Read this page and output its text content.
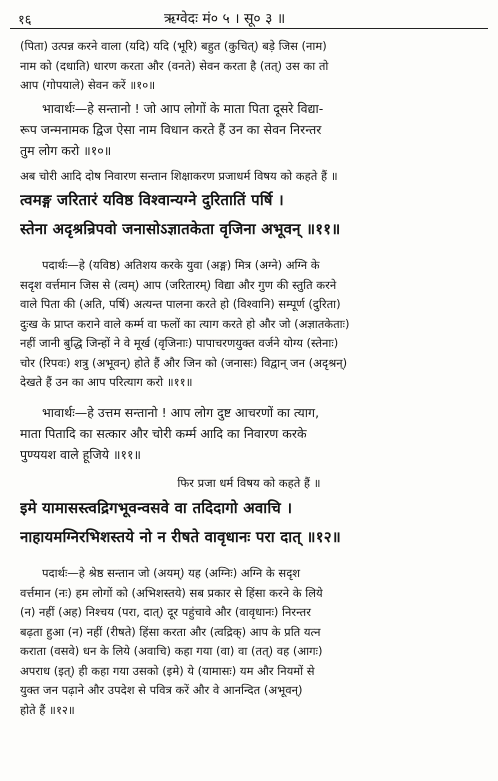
१६	ऋग्वेदः मं० ५ । सू० ३ ॥
(पिता) उत्पन्न करने वाला (यदि) यदि (भूरि) बहुत (कुचित्) बड़े जिस (नाम)
नाम को (दधाति) धारण करता और (वनते) सेवन करता है (तत्) उस का तो
आप (गोपयाले) सेवन करें ॥१०॥
भावार्थः—हे सन्तानो ! जो आप लोगों के माता पिता दूसरे विद्या-
रूप जन्मनामक द्विज ऐसा नाम विधान करते हैं उन का सेवन निरन्तर
तुम लोग करो ॥१०॥
अब चोरी आदि दोष निवारण सन्तान शिक्षाकरण प्रजाधर्म विषय को कहते हैं ॥
त्वमङ्ग जरितारं यविष्ठ विश्वान्यग्ने दुरितातिं पर्षि ।
स्तेना अदृश्रन्रिपवो जनासोऽज्ञातकेता वृजिना अभूवन् ॥११॥
पदार्थः—हे (यविष्ठ) अतिशय करके युवा (अङ्ग) मित्र (अग्ने) अग्नि के
सदृश वर्त्तमान जिस से (त्वम्) आप (जरितारम्) विद्या और गुण की स्तुति करने
वाले पिता की (अति, पर्षि) अत्यन्त पालना करते हो (विश्वानि) सम्पूर्ण (दुरिता)
दुःख के प्राप्त कराने वाले कर्म्म वा फलों का त्याग करते हो और जो (अज्ञातकेताः)
नहीं जानी बुद्धि जिन्हों ने वे मूर्ख (वृजिनाः) पापाचरणयुक्त वर्जने योग्य (स्तेनाः)
चोर (रिपवः) शत्रु (अभूवन्) होते हैं और जिन को (जनासः) विद्वान् जन (अदृश्रन्)
देखते हैं उन का आप परित्याग करो ॥११॥
भावार्थः—हे उत्तम सन्तानो ! आप लोग दुष्ट आचरणों का त्याग,
माता पितादि का सत्कार और चोरी कर्म्म आदि का निवारण करके
पुण्ययश वाले हूजिये ॥११॥
फिर प्रजा धर्म विषय को कहते हैं ॥
इमे यामासस्त्वद्रिगभूवन्वसवे वा तदिदागो अवाचि ।
नाहायमग्निरभिशस्तये नो न रीषते वावृधानः परा दात् ॥१२॥
पदार्थः—हे श्रेष्ठ सन्तान जो (अयम्) यह (अग्निः) अग्नि के सदृश
वर्त्तमान (नः) हम लोगों को (अभिशस्तये) सब प्रकार से हिंसा करने के लिये
(न) नहीं (अह) निश्चय (परा, दात्) दूर पहुंचावे और (वावृधानः) निरन्तर
बढ़ता हुआ (न) नहीं (रीषते) हिंसा करता और (त्वद्रिक्) आप के प्रति यत्न
कराता (वसवे) धन के लिये (अवाचि) कहा गया (वा) वा (तत्) वह (आगः)
अपराध (इत्) ही कहा गया उसको (इमे) ये (यामासः) यम और नियमों से
युक्त जन पढ़ाने और उपदेश से पवित्र करें और वे आनन्दित (अभूवन्)
होते हैं ॥१२॥
